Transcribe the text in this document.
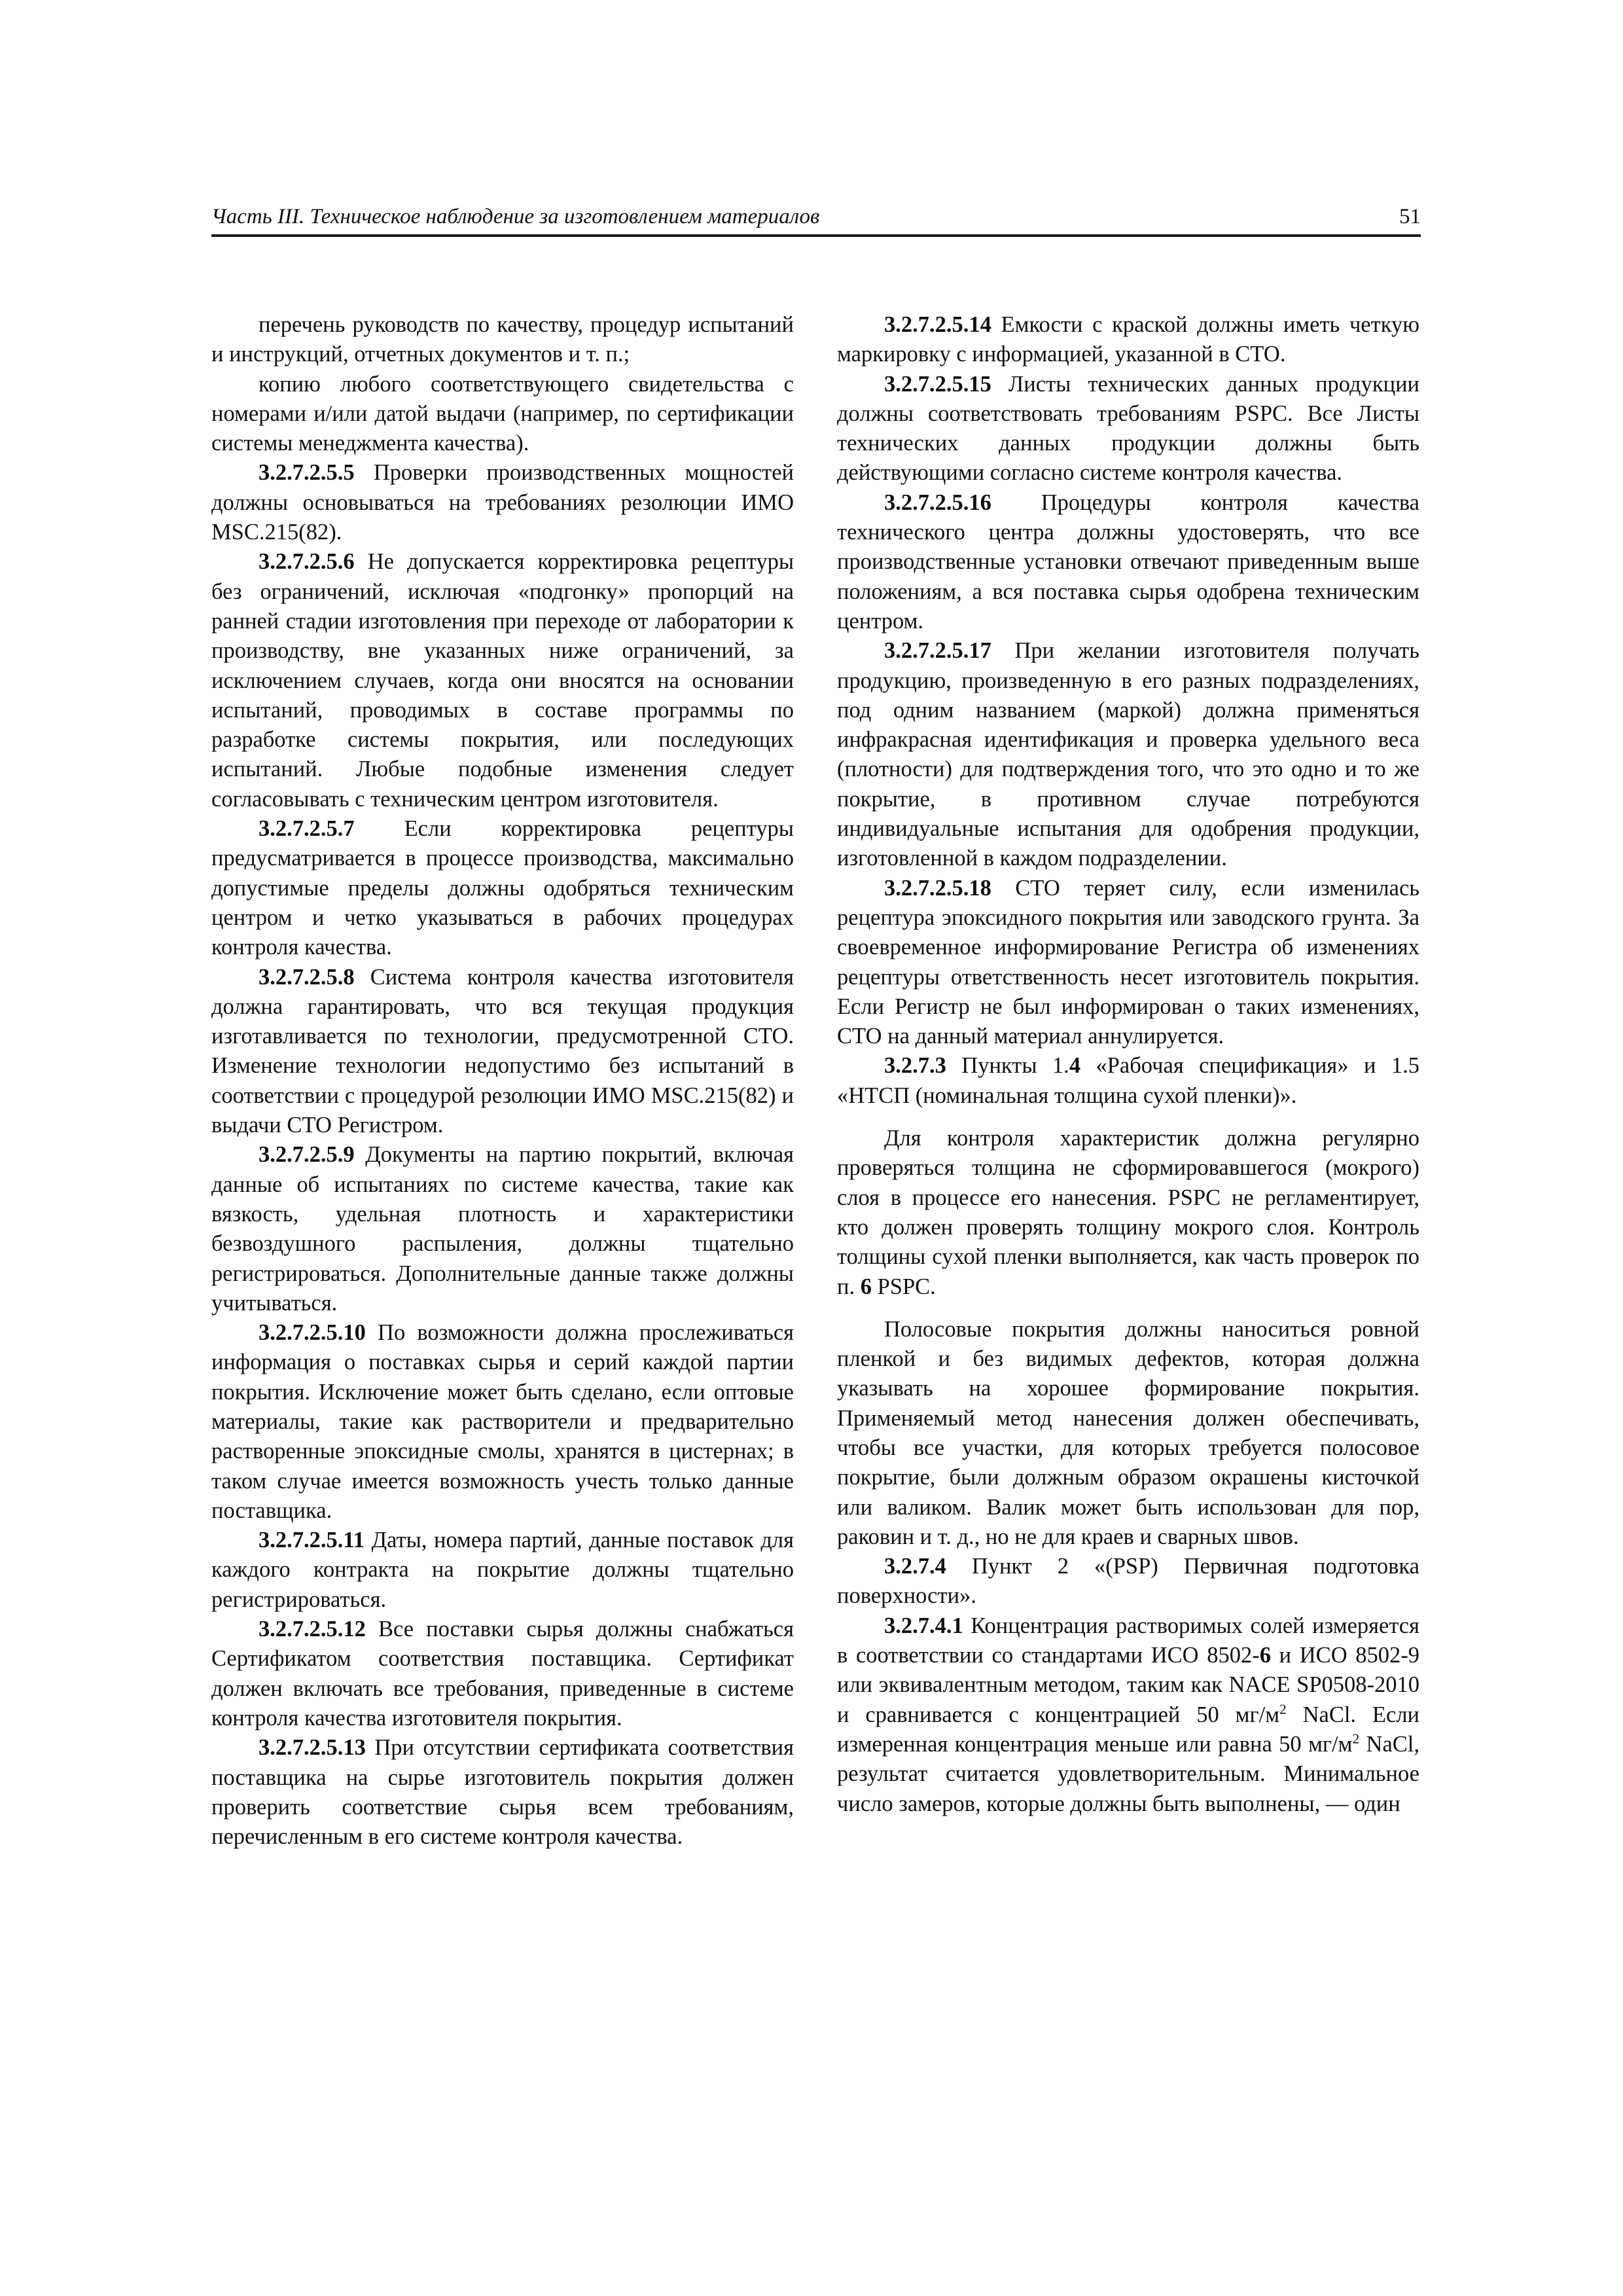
Часть III. Техническое наблюдение за изготовлением материалов	51

перечень руководств по качеству, процедур испытаний и инструкций, отчетных документов и т. п.;

копию любого соответствующего свидетельства с номерами и/или датой выдачи (например, по сертификации системы менеджмента качества).

3.2.7.2.5.5 Проверки производственных мощностей должны основываться на требованиях резолюции ИМО MSC.215(82).

3.2.7.2.5.6 Не допускается корректировка рецептуры без ограничений, исключая «подгонку» пропорций на ранней стадии изготовления при переходе от лаборатории к производству, вне указанных ниже ограничений, за исключением случаев, когда они вносятся на основании испытаний, проводимых в составе программы по разработке системы покрытия, или последующих испытаний. Любые подобные изменения следует согласовывать с техническим центром изготовителя.

3.2.7.2.5.7 Если корректировка рецептуры предусматривается в процессе производства, максимально допустимые пределы должны одобряться техническим центром и четко указываться в рабочих процедурах контроля качества.

3.2.7.2.5.8 Система контроля качества изготовителя должна гарантировать, что вся текущая продукция изготавливается по технологии, предусмотренной СТО. Изменение технологии недопустимо без испытаний в соответствии с процедурой резолюции ИМО MSC.215(82) и выдачи СТО Регистром.

3.2.7.2.5.9 Документы на партию покрытий, включая данные об испытаниях по системе качества, такие как вязкость, удельная плотность и характеристики безвоздушного распыления, должны тщательно регистрироваться. Дополнительные данные также должны учитываться.

3.2.7.2.5.10 По возможности должна прослеживаться информация о поставках сырья и серий каждой партии покрытия. Исключение может быть сделано, если оптовые материалы, такие как растворители и предварительно растворенные эпоксидные смолы, хранятся в цистернах; в таком случае имеется возможность учесть только данные поставщика.

3.2.7.2.5.11 Даты, номера партий, данные поставок для каждого контракта на покрытие должны тщательно регистрироваться.

3.2.7.2.5.12 Все поставки сырья должны снабжаться Сертификатом соответствия поставщика. Сертификат должен включать все требования, приведенные в системе контроля качества изготовителя покрытия.

3.2.7.2.5.13 При отсутствии сертификата соответствия поставщика на сырье изготовитель покрытия должен проверить соответствие сырья всем требованиям, перечисленным в его системе контроля качества.

3.2.7.2.5.14 Емкости с краской должны иметь четкую маркировку с информацией, указанной в СТО.

3.2.7.2.5.15 Листы технических данных продукции должны соответствовать требованиям PSPC. Все Листы технических данных продукции должны быть действующими согласно системе контроля качества.

3.2.7.2.5.16 Процедуры контроля качества технического центра должны удостоверять, что все производственные установки отвечают приведенным выше положениям, а вся поставка сырья одобрена техническим центром.

3.2.7.2.5.17 При желании изготовителя получать продукцию, произведенную в его разных подразделениях, под одним названием (маркой) должна применяться инфракрасная идентификация и проверка удельного веса (плотности) для подтверждения того, что это одно и то же покрытие, в противном случае потребуются индивидуальные испытания для одобрения продукции, изготовленной в каждом подразделении.

3.2.7.2.5.18 СТО теряет силу, если изменилась рецептура эпоксидного покрытия или заводского грунта. За своевременное информирование Регистра об изменениях рецептуры ответственность несет изготовитель покрытия. Если Регистр не был информирован о таких изменениях, СТО на данный материал аннулируется.

3.2.7.3 Пункты 1.4 «Рабочая спецификация» и 1.5 «НТСП (номинальная толщина сухой пленки)».

Для контроля характеристик должна регулярно проверяться толщина не сформировавшегося (мокрого) слоя в процессе его нанесения. PSPC не регламентирует, кто должен проверять толщину мокрого слоя. Контроль толщины сухой пленки выполняется, как часть проверок по п. 6 PSPC.

Полосовые покрытия должны наноситься ровной пленкой и без видимых дефектов, которая должна указывать на хорошее формирование покрытия. Применяемый метод нанесения должен обеспечивать, чтобы все участки, для которых требуется полосовое покрытие, были должным образом окрашены кисточкой или валиком. Валик может быть использован для пор, раковин и т. д., но не для краев и сварных швов.

3.2.7.4 Пункт 2 «(PSP) Первичная подготовка поверхности».

3.2.7.4.1 Концентрация растворимых солей измеряется в соответствии со стандартами ИСО 8502-6 и ИСО 8502-9 или эквивалентным методом, таким как NACE SP0508-2010 и сравнивается с концентрацией 50 $мг/м^2$ NaCl. Если измеренная концентрация меньше или равна 50 $мг/м^2$ NaCl, результат считается удовлетворительным. Минимальное число замеров, которые должны быть выполнены, — один
